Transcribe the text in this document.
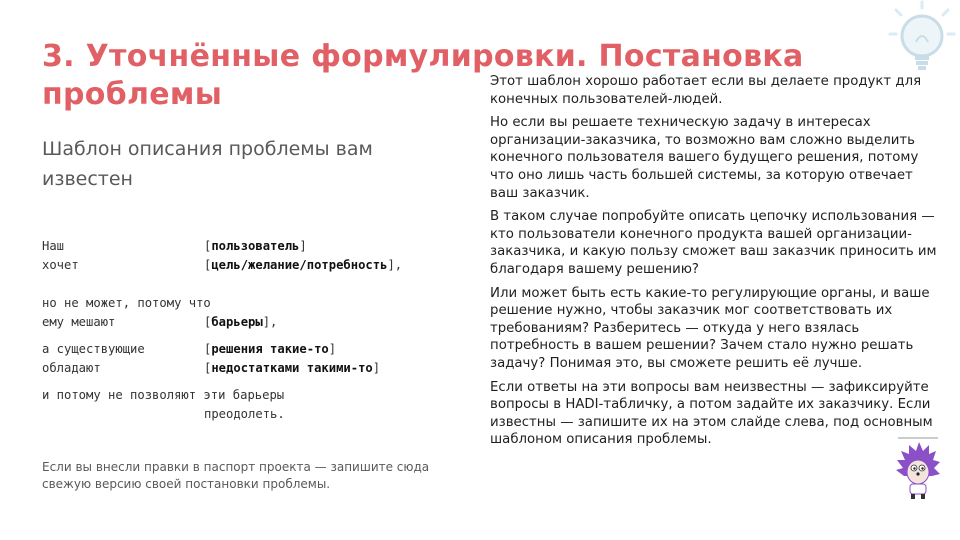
3. Уточнённые формулировки. Постановка проблемы

Шаблон описания проблемы вам известен

Наш	[пользователь]
хочет	[цель/желание/потребность],
но не может, потому что
ему мешают	[барьеры],
а существующие	[решения такие-то]
обладают	[недостатками такими-то]
и потому не позволяют эти барьеры
преодолеть.

Если вы внесли правки в паспорт проекта — запишите сюда свежую версию своей постановки проблемы.

Этот шаблон хорошо работает если вы делаете продукт для конечных пользователей-людей.

Но если вы решаете техническую задачу в интересах организации-заказчика, то возможно вам сложно выделить конечного пользователя вашего будущего решения, потому что оно лишь часть большей системы, за которую отвечает ваш заказчик.

В таком случае попробуйте описать цепочку использования — кто пользователи конечного продукта вашей организации-заказчика, и какую пользу сможет ваш заказчик приносить им благодаря вашему решению?

Или может быть есть какие-то регулирующие органы, и ваше решение нужно, чтобы заказчик мог соответствовать их требованиям? Разберитесь — откуда у него взялась потребность в вашем решении? Зачем стало нужно решать задачу? Понимая это, вы сможете решить её лучше.

Если ответы на эти вопросы вам неизвестны — зафиксируйте вопросы в HADI-табличку, а потом задайте их заказчику. Если известны — запишите их на этом слайде слева, под основным шаблоном описания проблемы.
